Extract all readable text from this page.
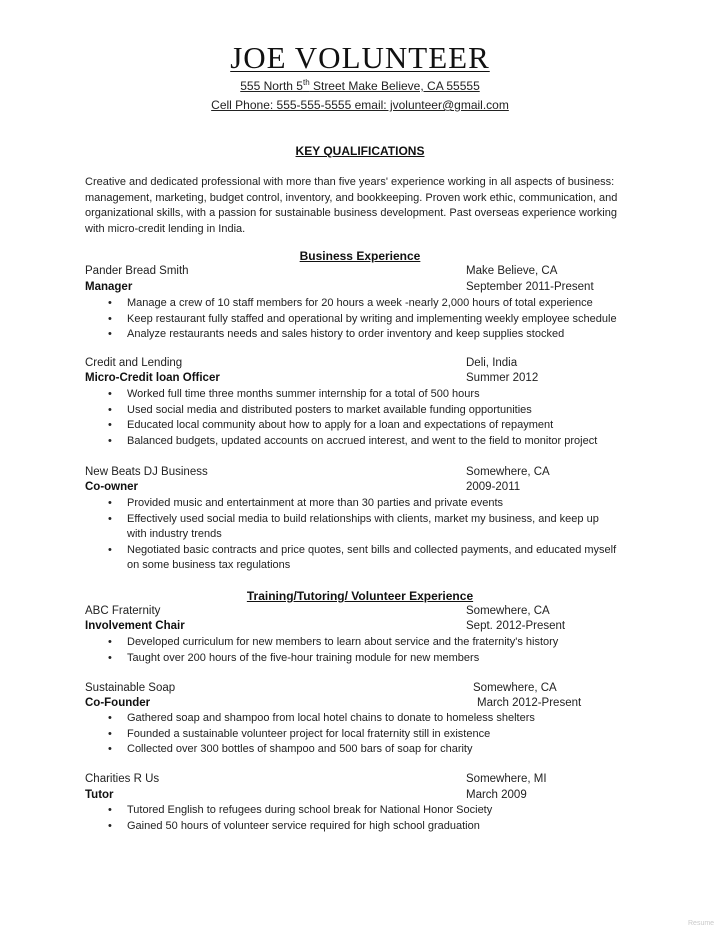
JOE VOLUNTEER
555 North 5th Street Make Believe, CA 55555
Cell Phone: 555-555-5555 email: jvolunteer@gmail.com
KEY QUALIFICATIONS
Creative and dedicated professional with more than five years' experience working in all aspects of business: management, marketing, budget control, inventory, and bookkeeping. Proven work ethic, communication, and organizational skills, with a passion for sustainable business development. Past overseas experience working with micro-credit lending in India.
Business Experience
Pander Bread Smith	Make Believe, CA
Manager	September 2011-Present
• Manage a crew of 10 staff members for 20 hours a week -nearly 2,000 hours of total experience
• Keep restaurant fully staffed and operational by writing and implementing weekly employee schedule
• Analyze restaurants needs and sales history to order inventory and keep supplies stocked
Credit and Lending	Deli, India
Micro-Credit loan Officer	Summer 2012
• Worked full time three months summer internship for a total of 500 hours
• Used social media and distributed posters to market available funding opportunities
• Educated local community about how to apply for a loan and expectations of repayment
• Balanced budgets, updated accounts on accrued interest, and went to the field to monitor project
New Beats DJ Business	Somewhere, CA
Co-owner	2009-2011
• Provided music and entertainment at more than 30 parties and private events
• Effectively used social media to build relationships with clients, market my business, and keep up with industry trends
• Negotiated basic contracts and price quotes, sent bills and collected payments, and educated myself on some business tax regulations
Training/Tutoring/ Volunteer Experience
ABC Fraternity	Somewhere, CA
Involvement Chair	Sept. 2012-Present
• Developed curriculum for new members to learn about service and the fraternity's history
• Taught over 200 hours of the five-hour training module for new members
Sustainable Soap	Somewhere, CA
Co-Founder	March 2012-Present
• Gathered soap and shampoo from local hotel chains to donate to homeless shelters
• Founded a sustainable volunteer project for local fraternity still in existence
• Collected over 300 bottles of shampoo and 500 bars of soap for charity
Charities R Us	Somewhere, MI
Tutor	March 2009
• Tutored English to refugees during school break for National Honor Society
• Gained 50 hours of volunteer service required for high school graduation
Resume
